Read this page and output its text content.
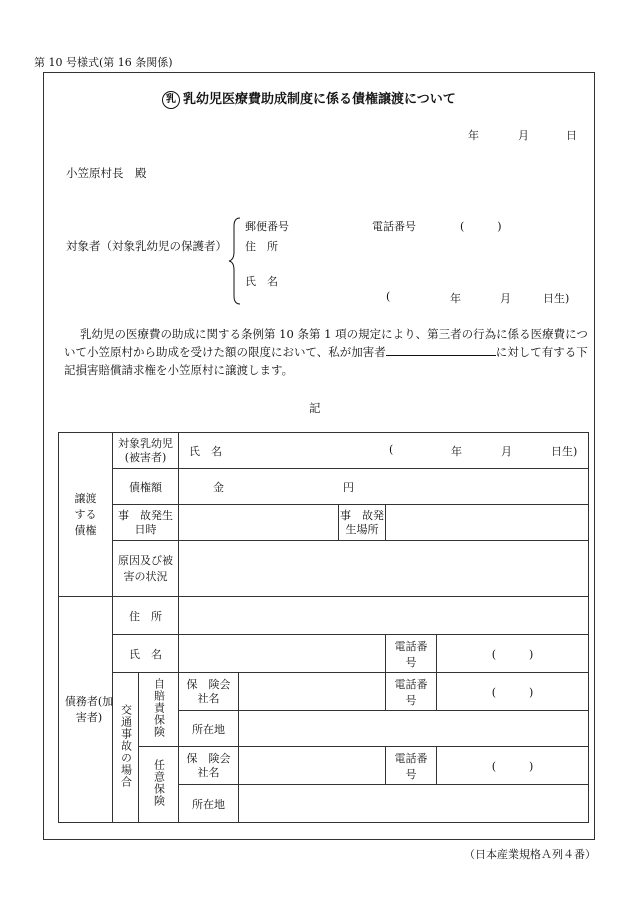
第 10 号様式(第 16 条関係)
乳 乳幼児医療費助成制度に係る債権譲渡について
年	月	日
小笠原村長　殿
対象者（対象乳幼児の保護者）
郵便番号	電話番号	(　　　)
住　所
氏　名
(	年	月	日生)
乳幼児の医療費の助成に関する条例第 10 条第 1 項の規定により、第三者の行為に係る医療費について小笠原村から助成を受けた額の限度において、私が加害者	に対して有する下記損害賠償請求権を小笠原村に譲渡します。
記
譲渡する債権	対象乳幼児(被害者)		氏　名 ( 年 月 日生)				

	債権額		金 円				

	事　故発生日時				事　故発生場所		
	原因及び被害の状況						

債務者(加害者)	住　所						
	氏　名					電話番号	(　　　)
	交通事故の場合	自賠責保険	保　険会社名			電話番号	(　　　)
			所在地				
		任意保険	保　険会社名			電話番号	(　　　)
			所在地				
（日本産業規格Ａ列４番）
